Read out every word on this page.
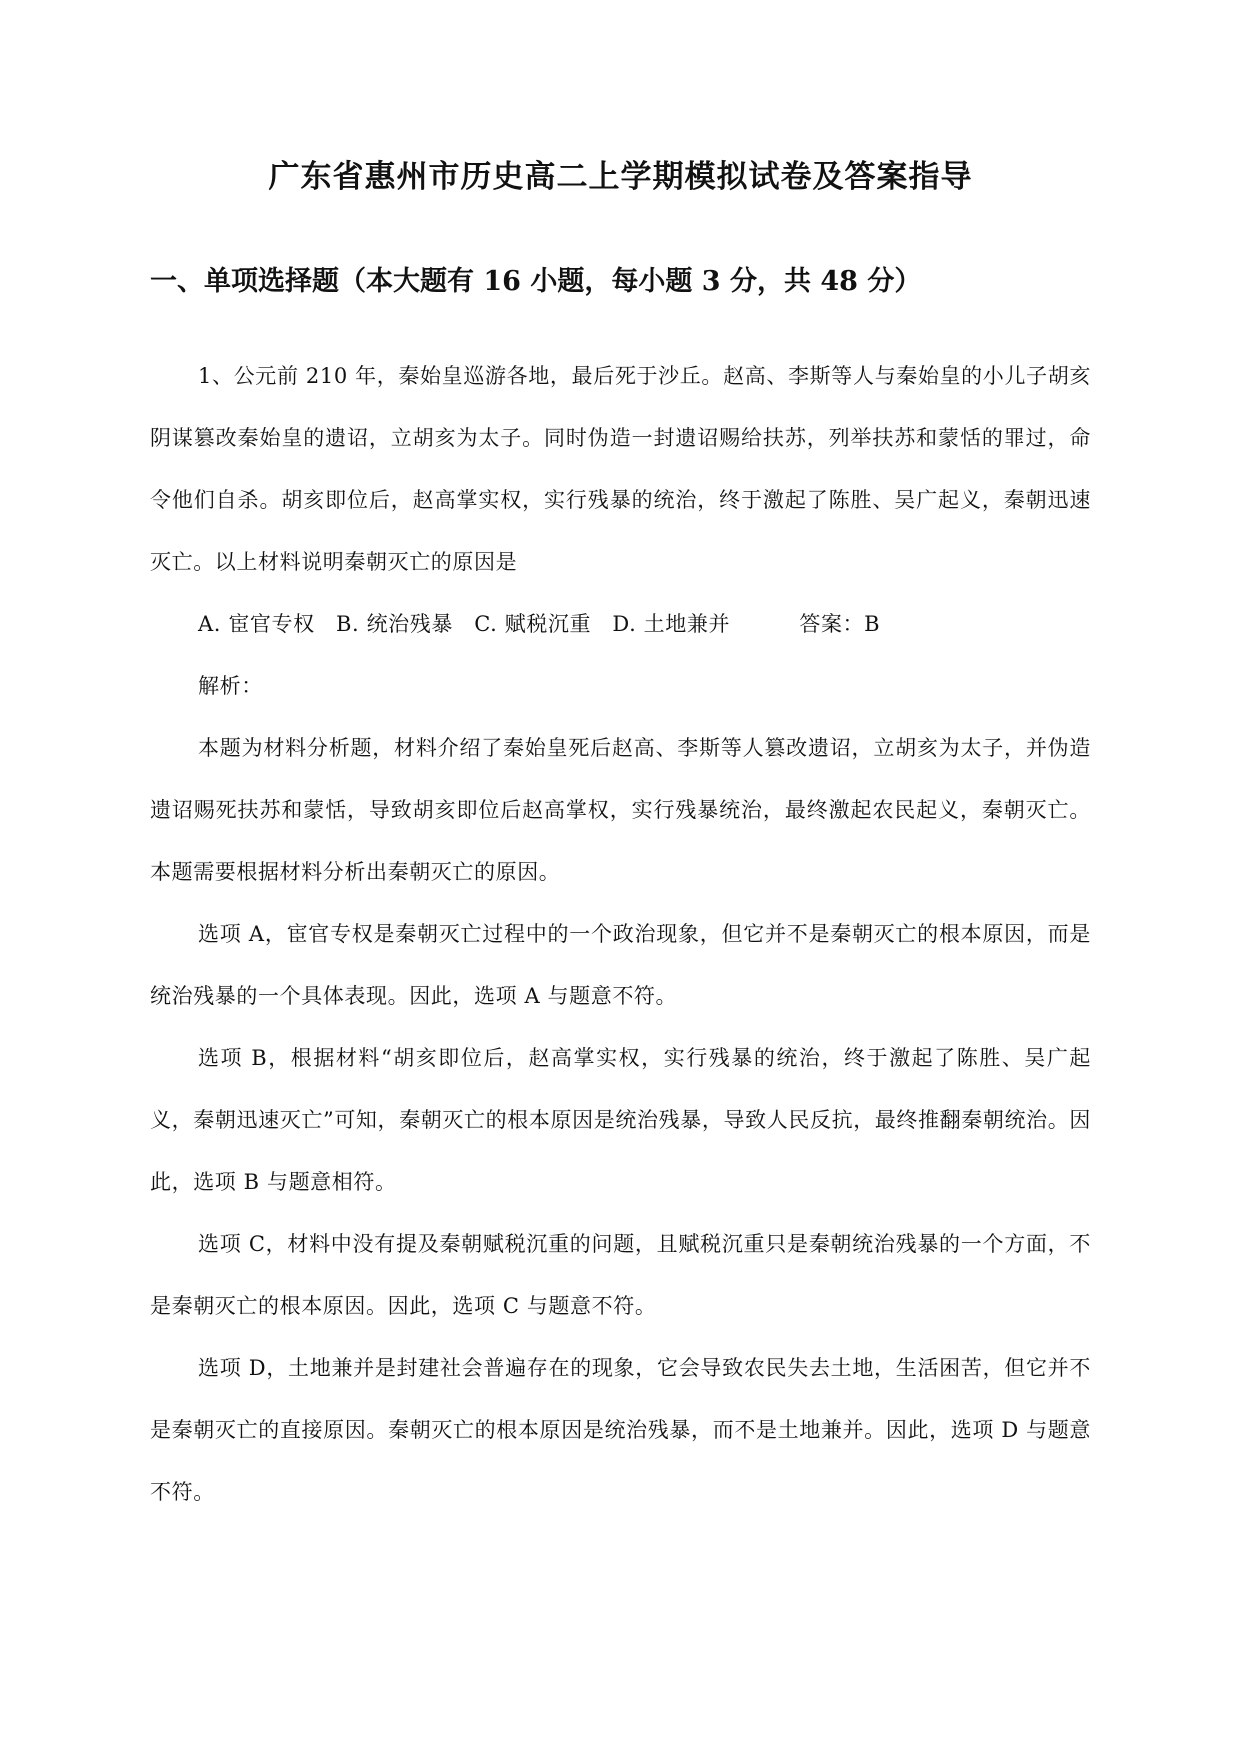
广东省惠州市历史高二上学期模拟试卷及答案指导
一、单项选择题（本大题有 16 小题，每小题 3 分，共 48 分）

1、公元前 210 年，秦始皇巡游各地，最后死于沙丘。赵高、李斯等人与秦始皇的小儿子胡亥阴谋篡改秦始皇的遗诏，立胡亥为太子。同时伪造一封遗诏赐给扶苏，列举扶苏和蒙恬的罪过，命令他们自杀。胡亥即位后，赵高掌实权，实行残暴的统治，终于激起了陈胜、吴广起义，秦朝迅速灭亡。以上材料说明秦朝灭亡的原因是

A. 宦官专权 B. 统治残暴 C. 赋税沉重 D. 土地兼并	答案：B

解析：

本题为材料分析题，材料介绍了秦始皇死后赵高、李斯等人篡改遗诏，立胡亥为太子，并伪造遗诏赐死扶苏和蒙恬，导致胡亥即位后赵高掌权，实行残暴统治，最终激起农民起义，秦朝灭亡。本题需要根据材料分析出秦朝灭亡的原因。

选项 A，宦官专权是秦朝灭亡过程中的一个政治现象，但它并不是秦朝灭亡的根本原因，而是统治残暴的一个具体表现。因此，选项 A 与题意不符。

选项 B，根据材料“胡亥即位后，赵高掌实权，实行残暴的统治，终于激起了陈胜、吴广起义，秦朝迅速灭亡”可知，秦朝灭亡的根本原因是统治残暴，导致人民反抗，最终推翻秦朝统治。因此，选项 B 与题意相符。

选项 C，材料中没有提及秦朝赋税沉重的问题，且赋税沉重只是秦朝统治残暴的一个方面，不是秦朝灭亡的根本原因。因此，选项 C 与题意不符。

选项 D，土地兼并是封建社会普遍存在的现象，它会导致农民失去土地，生活困苦，但它并不是秦朝灭亡的直接原因。秦朝灭亡的根本原因是统治残暴，而不是土地兼并。因此，选项 D 与题意不符。
